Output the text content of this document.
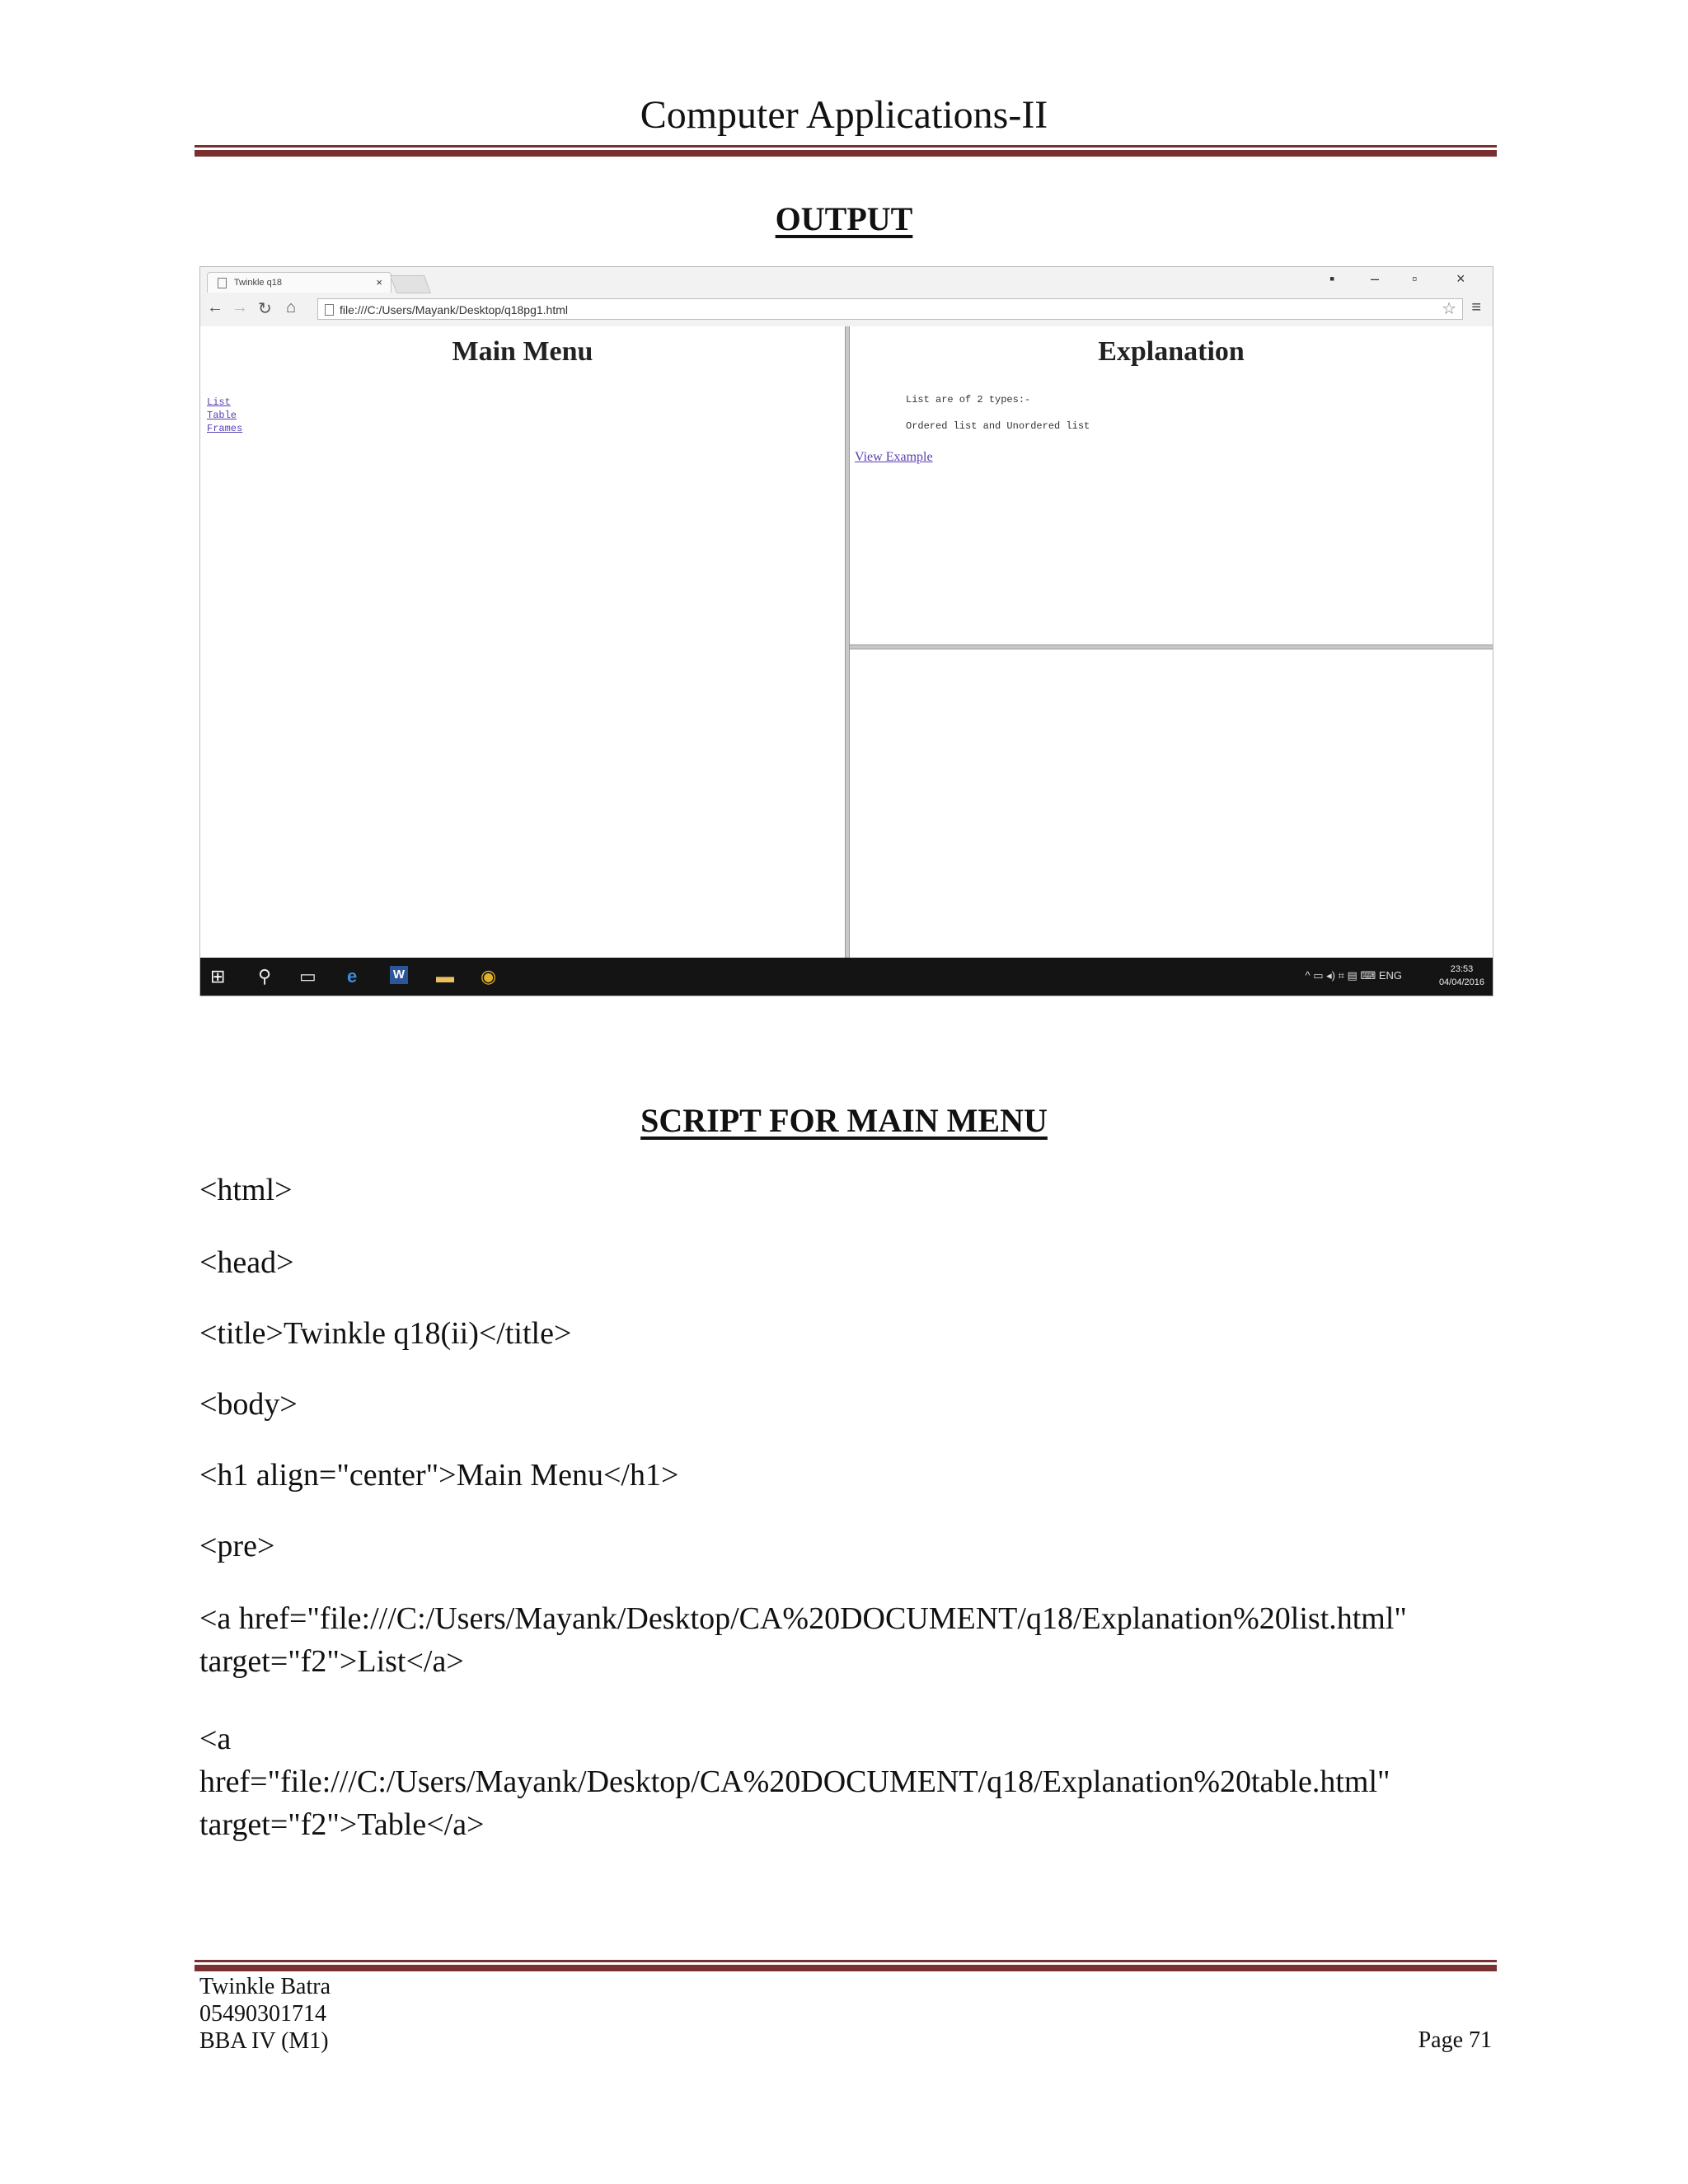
Computer Applications-II
OUTPUT
Twinkle q18	×	▪ – ▫	×
← → ↻ ⌂	file:///C:/Users/Mayank/Desktop/q18pg1.html	☆ ≡
Main Menu
List
Table
Frames
Explanation
List are of 2 types:-
Ordered list and Unordered list
View Example
⊞ ⚲ ▭ e	W ▬ ◉	^ ▭ ◂) ⌗ ▤ ⌨ ENG	23:53
04/04/2016
SCRIPT FOR MAIN MENU
<html>
<head>
<title>Twinkle q18(ii)</title>
<body>
<h1 align="center">Main Menu</h1>
<pre>
<a href="file:///C:/Users/Mayank/Desktop/CA%20DOCUMENT/q18/Explanation%20list.html"
target="f2">List</a>
<a
href="file:///C:/Users/Mayank/Desktop/CA%20DOCUMENT/q18/Explanation%20table.html"
target="f2">Table</a>
Twinkle Batra
05490301714
BBA IV (M1)	Page 71
